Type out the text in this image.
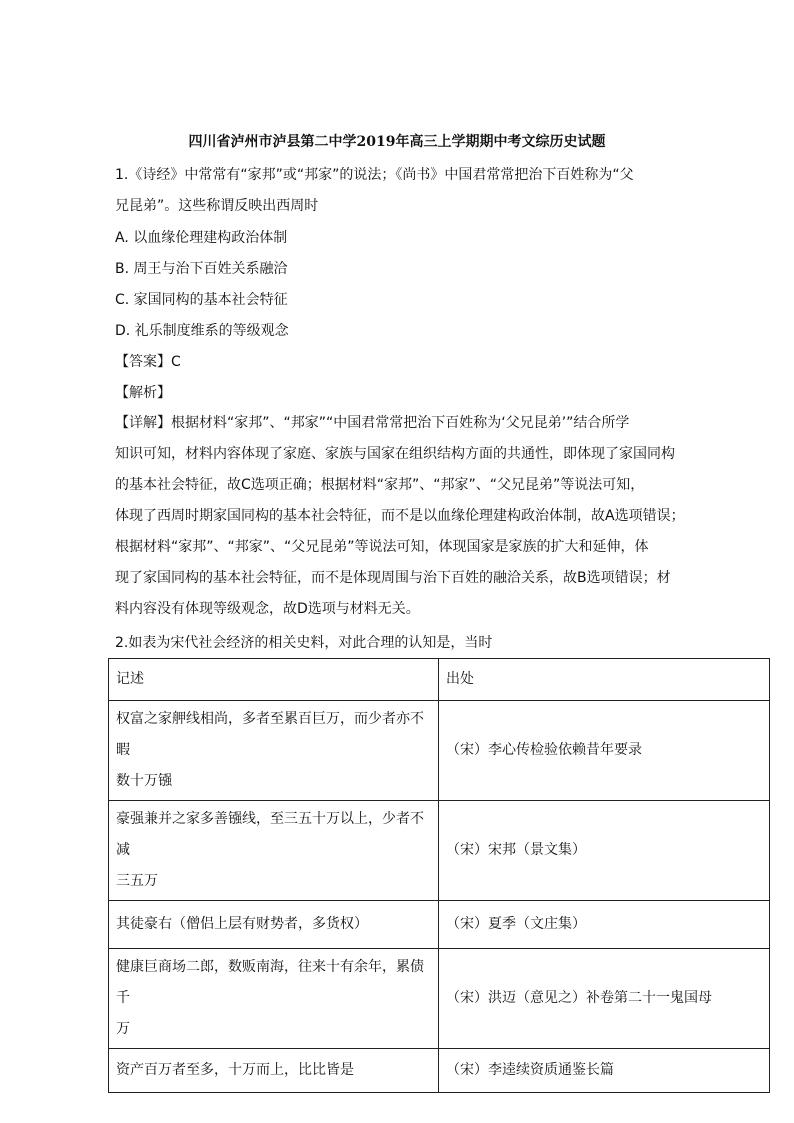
四川省泸州市泸县第二中学2019年高三上学期期中考文综历史试题
1.《诗经》中常常有“家邦”或“邦家”的说法；《尚书》中国君常常把治下百姓称为“父
兄昆弟”。这些称谓反映出西周时
A. 以血缘伦理建构政治体制
B. 周王与治下百姓关系融洽
C. 家国同构的基本社会特征
D. 礼乐制度维系的等级观念
【答案】C
【解析】
【详解】根据材料“家邦”、“邦家”“中国君常常把治下百姓称为‘父兄昆弟’”结合所学
知识可知，材料内容体现了家庭、家族与国家在组织结构方面的共通性，即体现了家国同构
的基本社会特征，故C选项正确；根据材料“家邦”、“邦家”、“父兄昆弟”等说法可知，
体现了西周时期家国同构的基本社会特征，而不是以血缘伦理建构政治体制，故A选项错误；
根据材料“家邦”、“邦家”、“父兄昆弟”等说法可知，体现国家是家族的扩大和延伸，体
现了家国同构的基本社会特征，而不是体现周围与治下百姓的融洽关系，故B选项错误；材
料内容没有体现等级观念，故D选项与材料无关。
2.如表为宋代社会经济的相关史料，对此合理的认知是，当时
记述	出处

权富之家舺线相尚，多者至累百巨万，而少者亦不暇
数十万镪	（宋）李心传检验依赖昔年要录

豪强兼并之家多善镪线，至三五十万以上，少者不减
三五万	（宋）宋邦（景文集）

其徒豪右（僧侣上层有财势者，多货权）	（宋）夏季（文庄集）

健康巨商场二郎，数贩南海，往来十有余年，累债千
万	（宋）洪迈（意见之）补卷第二十一鬼国母

资产百万者至多，十万而上，比比皆是	（宋）李逵续资质通鉴长篇
